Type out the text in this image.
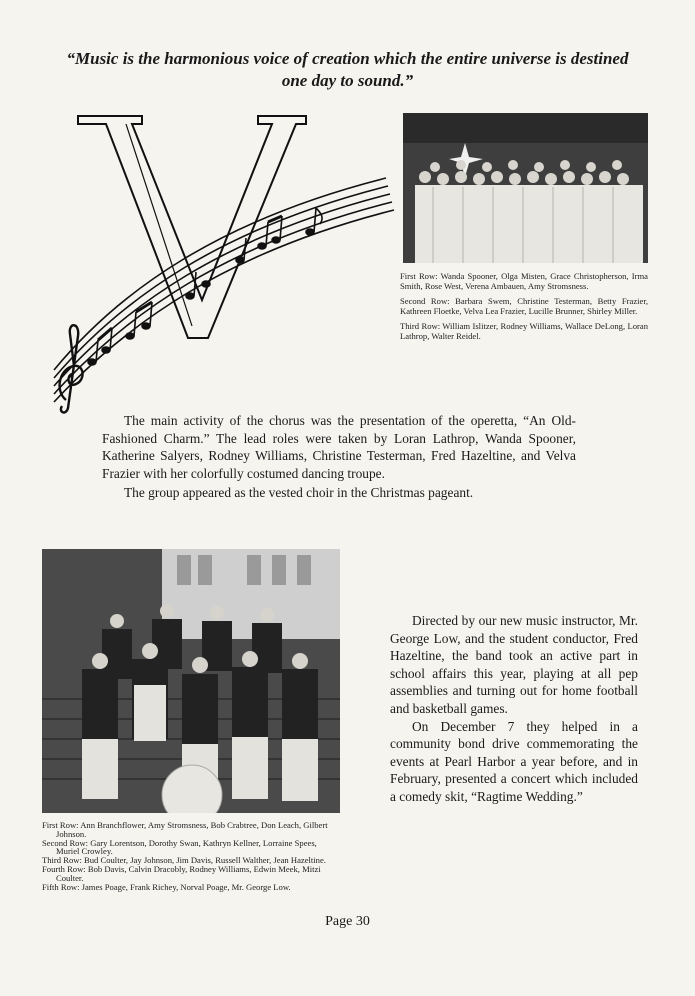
“Music is the harmonious voice of creation which the entire universe is destined one day to sound.”

First Row: Wanda Spooner, Olga Misten, Grace Christopherson, Irma Smith, Rose West, Verena Ambauen, Amy Stromsness.

Second Row: Barbara Swem, Christine Testerman, Betty Frazier, Kathreen Floetke, Velva Lea Frazier, Lucille Brunner, Shirley Miller.

Third Row: William Islitzer, Rodney Williams, Wallace DeLong, Loran Lathrop, Walter Reidel.

The main activity of the chorus was the presentation of the operetta, “An Old-Fashioned Charm.” The lead roles were taken by Loran Lathrop, Wanda Spooner, Katherine Salyers, Rodney Williams, Christine Testerman, Fred Hazeltine, and Velva Frazier with her colorfully costumed dancing troupe.

The group appeared as the vested choir in the Christmas pageant.

Directed by our new music instructor, Mr. George Low, and the student conductor, Fred Hazeltine, the band took an active part in school affairs this year, playing at all pep assemblies and turning out for home football and basketball games.

On December 7 they helped in a community bond drive commemorating the events at Pearl Harbor a year before, and in February, presented a concert which included a comedy skit, “Ragtime Wedding.”

First Row: Ann Branchflower, Amy Stromsness, Bob Crabtree, Don Leach, Gilbert Johnson.

Second Row: Gary Lorentson, Dorothy Swan, Kathryn Kellner, Lorraine Spees, Muriel Crowley.

Third Row: Bud Coulter, Jay Johnson, Jim Davis, Russell Walther, Jean Hazeltine.

Fourth Row: Bob Davis, Calvin Dracobly, Rodney Williams, Edwin Meek, Mitzi Coulter.

Fifth Row: James Poage, Frank Richey, Norval Poage, Mr. George Low.

Page 30
